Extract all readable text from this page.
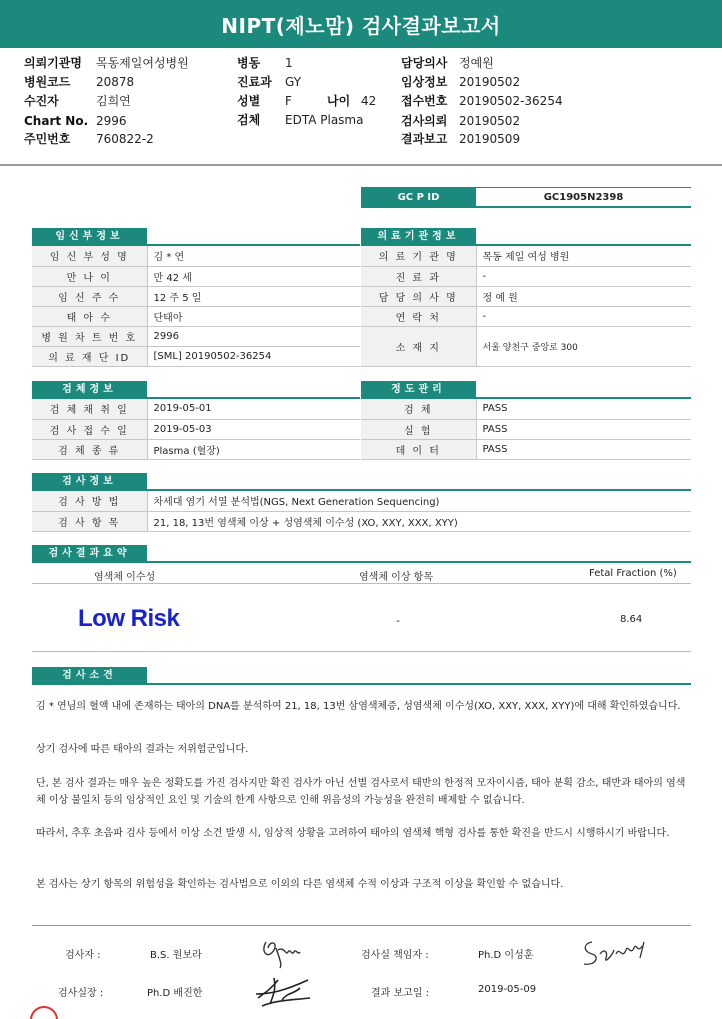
NIPT(제노맘) 검사결과보고서
의뢰기관명 목동제일여성병원
병원코드 20878
수진자	김희연
Chart No. 2996
주민번호 760822-2
병동 1
진료과 GY
성별 F	나이 42
검체 EDTA Plasma
담당의사 정예원
임상정보 20190502
접수번호 20190502-36254
검사의뢰 20190502
결과보고 20190509
GC P ID	GC1905N2398
임신부정보
임 신 부 성 명	김 * 연
만 나 이	만 42 세
임 신 주 수	12 주 5 일
태 아 수	단태아
병 원 차 트 번 호	2996
의 료 재 단 ID	[SML] 20190502-36254
의료기관정보
의 료 기 관 명	목동 제일 여성 병원
진 료 과	-
담 당 의 사 명	정 예 원
연 락 처	-
소 재 지	서울 양천구 중앙로 300
검체정보
검 체 채 취 일	2019-05-01
검 사 접 수 일	2019-05-03
검 체 종 류	Plasma (혈장)
정도관리
검 체	PASS
실 험	PASS
데 이 터	PASS
검사정보
검 사 방 법	차세대 염기 서열 분석법(NGS, Next Generation Sequencing)
검 사 항 목	21, 18, 13번 염색체 이상 + 성염색체 이수성 (XO, XXY, XXX, XYY)
검사결과요약
염색체 이수성	염색체 이상 항목	Fetal Fraction (%)
Low Risk	-	8.64
검사소견
김 * 연님의 혈액 내에 존재하는 태아의 DNA를 분석하여 21, 18, 13번 삼염색체증, 성염색체 이수성(XO, XXY, XXX, XYY)에 대해 확인하였습니다.
상기 검사에 따른 태아의 결과는 저위험군입니다.
단, 본 검사 결과는 매우 높은 정확도를 가진 검사지만 확진 검사가 아닌 선별 검사로서 태반의 한정적 모자이시즘, 태아 분획 감소, 태반과 태아의 염색체 이상 불일치 등의 임상적인 요인 및 기술의 한계 사항으로 인해 위음성의 가능성을 완전히 배제할 수 없습니다.
따라서, 추후 초음파 검사 등에서 이상 소견 발생 시, 임상적 상황을 고려하여 태아의 염색체 핵형 검사를 통한 확진을 반드시 시행하시기 바랍니다.
본 검사는 상기 항목의 위험성을 확인하는 검사법으로 이외의 다른 염색체 수적 이상과 구조적 이상을 확인할 수 없습니다.
검사자 :	B.S. 원보라	검사실 책임자 :	Ph.D 이성훈
검사실장 :	Ph.D 배진한	결과 보고일 :	2019-05-09
